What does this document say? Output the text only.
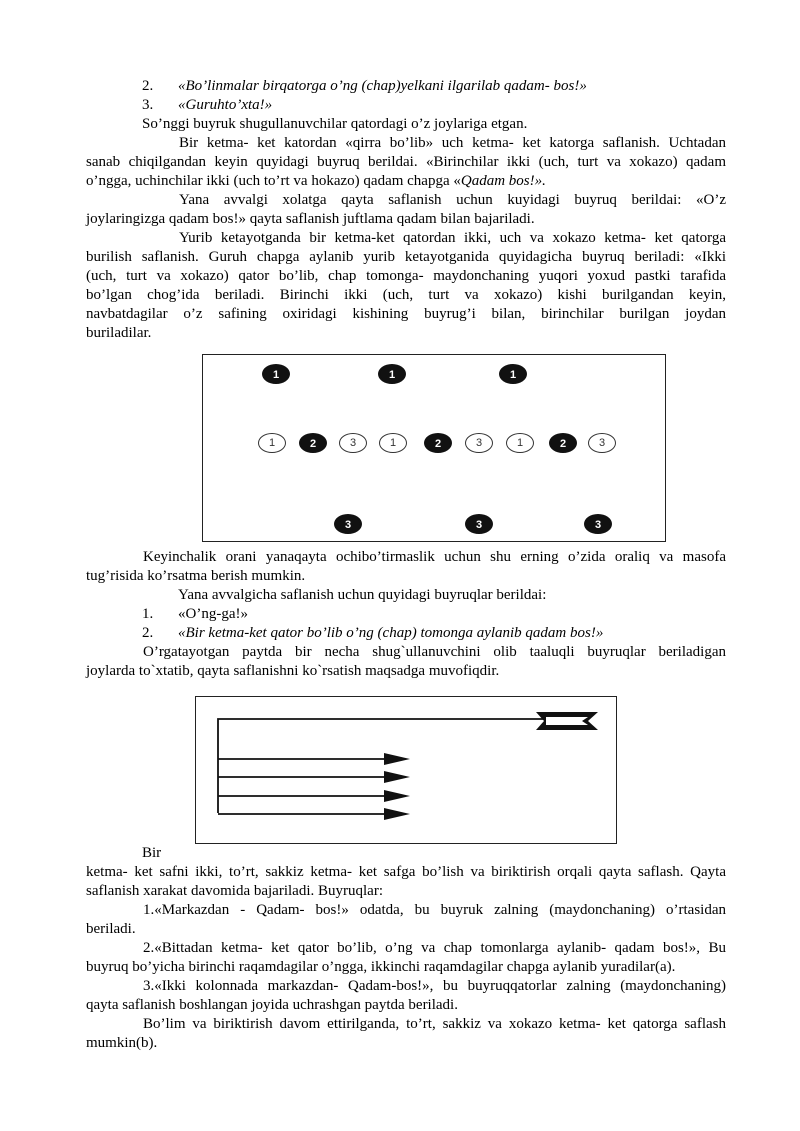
2. «Bo’linmalar birqatorga o’ng (chap)yelkani ilgarilab qadam- bos!»
3. «Guruhto’xta!»
So’nggi buyruk shugullanuvchilar qatordagi o’z joylariga etgan.
Bir ketma- ket katordan «qirra bo’lib» uch ketma- ket katorga saflanish. Uchtadan
sanab chiqilgandan keyin quyidagi buyruq berildai. «Birinchilar ikki (uch, turt va xokazo) qadam
o’ngga, uchinchilar ikki (uch to’rt va hokazo) qadam chapga «Qadam bos!».
Yana avvalgi xolatga qayta saflanish uchun kuyidagi buyruq berildai: «O’z
joylaringizga qadam bos!» qayta saflanish juftlama qadam bilan bajariladi.
Yurib ketayotganda bir ketma-ket qatordan ikki, uch va xokazo ketma- ket qatorga
burilish saflanish. Guruh chapga aylanib yurib ketayotganida quyidagicha buyruq beriladi: «Ikki
(uch, turt va xokazo) qator bo’lib, chap tomonga- maydonchaning yuqori yoxud pastki tarafida
bo’lgan chog’ida beriladi. Birinchi ikki (uch, turt va xokazo) kishi burilgandan keyin,
navbatdagilar o’z safining oxiridagi kishining buyrug’i bilan, birinchilar burilgan joydan
buriladilar.
1	1	1
1	2	3	1	2	3	1	2	3
3	3	3
Keyinchalik orani yanaqayta ochibo’tirmaslik uchun shu erning o’zida oraliq va masofa
tug’risida ko’rsatma berish mumkin.
Yana avvalgicha saflanish uchun quyidagi buyruqlar berildai:
1. «O’ng-ga!»
2. «Bir ketma-ket qator bo’lib o’ng (chap) tomonga aylanib qadam bos!»
O’rgatayotgan paytda bir necha shug`ullanuvchini olib taaluqli buyruqlar beriladigan
joylarda to`xtatib, qayta saflanishni ko`rsatish maqsadga muvofiqdir.
Bir
ketma- ket safni ikki, to’rt, sakkiz ketma- ket safga bo’lish va biriktirish orqali qayta saflash. Qayta
saflanish xarakat davomida bajariladi. Buyruqlar:
1.«Markazdan - Qadam- bos!» odatda, bu buyruk zalning (maydonchaning) o’rtasidan
beriladi.
2.«Bittadan ketma- ket qator bo’lib, o’ng va chap tomonlarga aylanib- qadam bos!», Bu
buyruq bo’yicha birinchi raqamdagilar o’ngga, ikkinchi raqamdagilar chapga aylanib yuradilar(a).
3.«Ikki kolonnada markazdan- Qadam-bos!», bu buyruqqatorlar zalning (maydonchaning)
qayta saflanish boshlangan joyida uchrashgan paytda beriladi.
Bo’lim va biriktirish davom ettirilganda, to’rt, sakkiz va xokazo ketma- ket qatorga saflash
mumkin(b).
